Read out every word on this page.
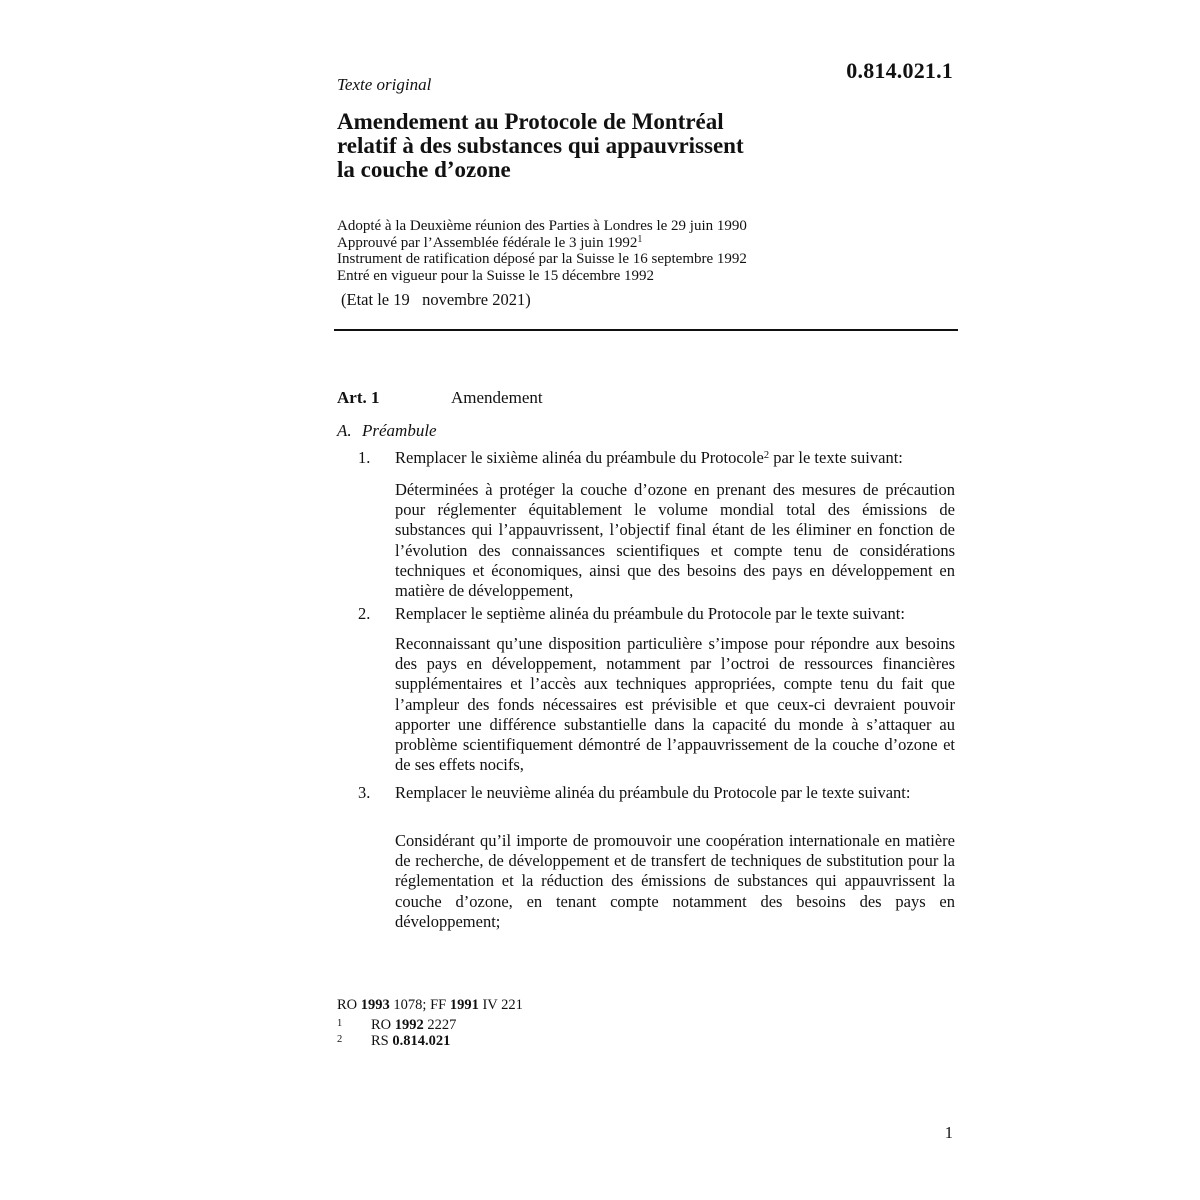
0.814.021.1
Texte original
Amendement au Protocole de Montréal
relatif à des substances qui appauvrissent
la couche d’ozone
Adopté à la Deuxième réunion des Parties à Londres le 29 juin 1990
Approuvé par l’Assemblée fédérale le 3 juin 1992$^1$
Instrument de ratification déposé par la Suisse le 16 septembre 1992
Entré en vigueur pour la Suisse le 15 décembre 1992
(Etat le 19   novembre 2021)
Art. 1	Amendement
A. Préambule
1. Remplacer le sixième alinéa du préambule du Protocole$^2$ par le texte suivant:
Déterminées à protéger la couche d’ozone en prenant des mesures de précaution pour réglementer équitablement le volume mondial total des émissions de substances qui l’appauvrissent, l’objectif final étant de les éliminer en fonction de l’évolution des connaissances scientifiques et compte tenu de considérations techniques et économiques, ainsi que des besoins des pays en développement en matière de développement,
2. Remplacer le septième alinéa du préambule du Protocole par le texte suivant:
Reconnaissant qu’une disposition particulière s’impose pour répondre aux besoins des pays en développement, notamment par l’octroi de ressources financières supplémentaires et l’accès aux techniques appropriées, compte tenu du fait que l’ampleur des fonds nécessaires est prévisible et que ceux-ci devraient pouvoir apporter une différence substantielle dans la capacité du monde à s’attaquer au problème scientifiquement démontré de l’appauvrissement de la couche d’ozone et de ses effets nocifs,
3. Remplacer le neuvième alinéa du préambule du Protocole par le texte suivant:
Considérant qu’il importe de promouvoir une coopération internationale en matière de recherche, de développement et de transfert de techniques de substitution pour la réglementation et la réduction des émissions de substances qui appauvrissent la couche d’ozone, en tenant compte notamment des besoins des pays en développement;
RO 1993 1078; FF 1991 IV 221
1 RO 1992 2227
2 RS 0.814.021
1
